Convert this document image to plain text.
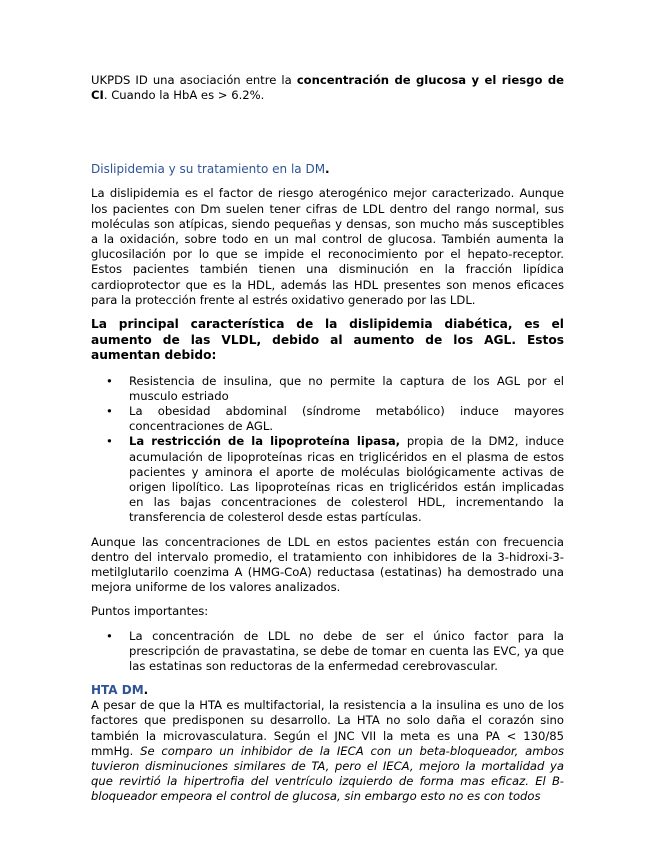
UKPDS ID una asociación entre la concentración de glucosa y el riesgo de CI. Cuando la HbA es > 6.2%.

Dislipidemia y su tratamiento en la DM.

La dislipidemia es el factor de riesgo aterogénico mejor caracterizado. Aunque los pacientes con Dm suelen tener cifras de LDL dentro del rango normal, sus moléculas son atípicas, siendo pequeñas y densas, son mucho más susceptibles a la oxidación, sobre todo en un mal control de glucosa. También aumenta la glucosilación por lo que se impide el reconocimiento por el hepato-receptor. Estos pacientes también tienen una disminución en la fracción lipídica cardioprotector que es la HDL, además las HDL presentes son menos eficaces para la protección frente al estrés oxidativo generado por las LDL.

La principal característica de la dislipidemia diabética, es el aumento de las VLDL, debido al aumento de los AGL. Estos aumentan debido:

• Resistencia de insulina, que no permite la captura de los AGL por el musculo estriado
• La obesidad abdominal (síndrome metabólico) induce mayores concentraciones de AGL.
• La restricción de la lipoproteína lipasa, propia de la DM2, induce acumulación de lipoproteínas ricas en triglicéridos en el plasma de estos pacientes y aminora el aporte de moléculas biológicamente activas de origen lipolítico. Las lipoproteínas ricas en triglicéridos están implicadas en las bajas concentraciones de colesterol HDL, incrementando la transferencia de colesterol desde estas partículas.

Aunque las concentraciones de LDL en estos pacientes están con frecuencia dentro del intervalo promedio, el tratamiento con inhibidores de la 3-hidroxi-3-metilglutarilo coenzima A (HMG-CoA) reductasa (estatinas) ha demostrado una mejora uniforme de los valores analizados.

Puntos importantes:

• La concentración de LDL no debe de ser el único factor para la prescripción de pravastatina, se debe de tomar en cuenta las EVC, ya que las estatinas son reductoras de la enfermedad cerebrovascular.
HTA DM.

A pesar de que la HTA es multifactorial, la resistencia a la insulina es uno de los factores que predisponen su desarrollo. La HTA no solo daña el corazón sino también la microvasculatura. Según el JNC VII la meta es una PA < 130/85 mmHg. Se comparo un inhibidor de la IECA con un beta-bloqueador, ambos tuvieron disminuciones similares de TA, pero el IECA, mejoro la mortalidad ya que revirtió la hipertrofia del ventrículo izquierdo de forma mas eficaz. El B-bloqueador empeora el control de glucosa, sin embargo esto no es con todos
